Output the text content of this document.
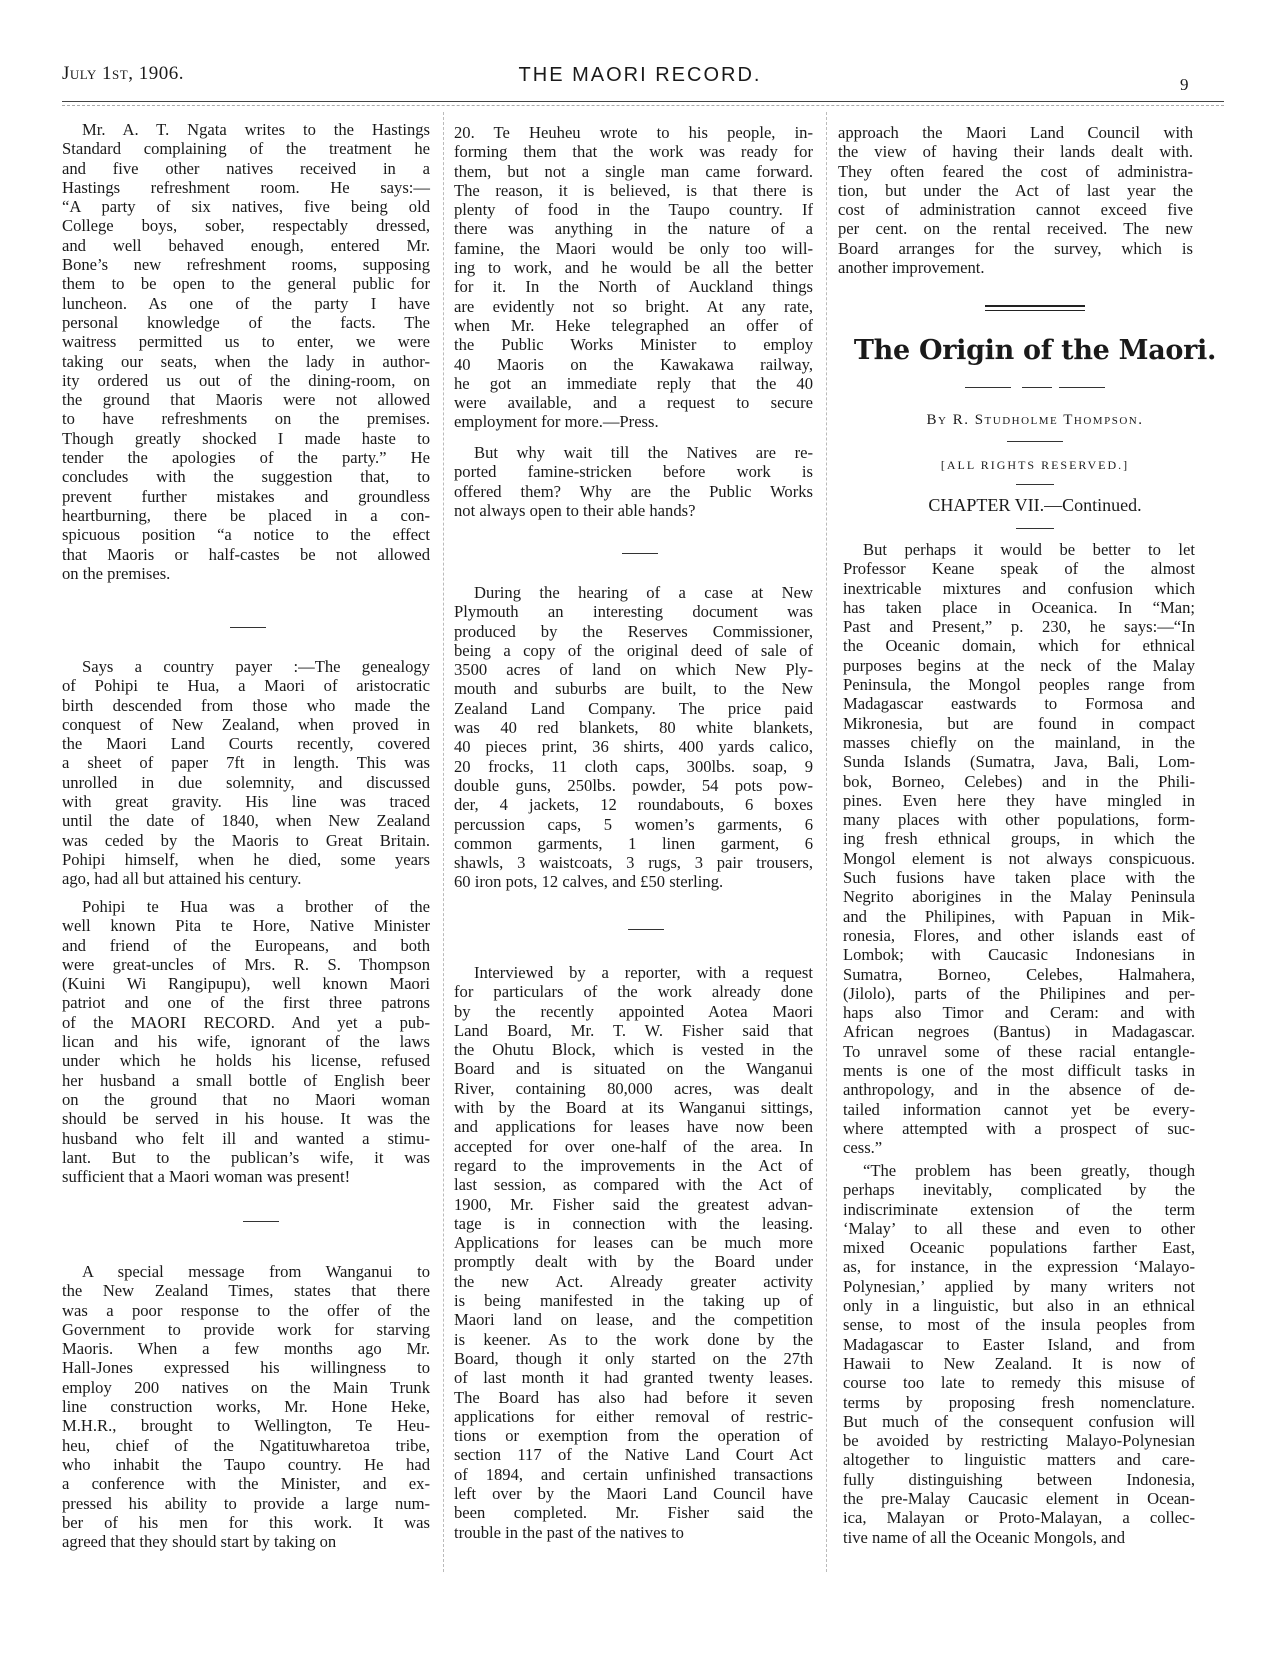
July 1st, 1906.	THE MAORI RECORD.	9
Mr. A. T. Ngata writes to the Hastings
Standard complaining of the treatment he
and five other natives received in a
Hastings refreshment room. He says:—
“A party of six natives, five being old
College boys, sober, respectably dressed,
and well behaved enough, entered Mr.
Bone’s new refreshment rooms, supposing
them to be open to the general public for
luncheon. As one of the party I have
personal knowledge of the facts. The
waitress permitted us to enter, we were
taking our seats, when the lady in author-
ity ordered us out of the dining-room, on
the ground that Maoris were not allowed
to have refreshments on the premises.
Though greatly shocked I made haste to
tender the apologies of the party.” He
concludes with the suggestion that, to
prevent further mistakes and groundless
heartburning, there be placed in a con-
spicuous position “a notice to the effect
that Maoris or half-castes be not allowed
on the premises.
Says a country payer :—The genealogy
of Pohipi te Hua, a Maori of aristocratic
birth descended from those who made the
conquest of New Zealand, when proved in
the Maori Land Courts recently, covered
a sheet of paper 7ft in length. This was
unrolled in due solemnity, and discussed
with great gravity. His line was traced
until the date of 1840, when New Zealand
was ceded by the Maoris to Great Britain.
Pohipi himself, when he died, some years
ago, had all but attained his century.
Pohipi te Hua was a brother of the
well known Pita te Hore, Native Minister
and friend of the Europeans, and both
were great-uncles of Mrs. R. S. Thompson
(Kuini Wi Rangipupu), well known Maori
patriot and one of the first three patrons
of the MAORI RECORD. And yet a pub-
lican and his wife, ignorant of the laws
under which he holds his license, refused
her husband a small bottle of English beer
on the ground that no Maori woman
should be served in his house. It was the
husband who felt ill and wanted a stimu-
lant. But to the publican’s wife, it was
sufficient that a Maori woman was present!
A special message from Wanganui to
the New Zealand Times, states that there
was a poor response to the offer of the
Government to provide work for starving
Maoris. When a few months ago Mr.
Hall-Jones expressed his willingness to
employ 200 natives on the Main Trunk
line construction works, Mr. Hone Heke,
M.H.R., brought to Wellington, Te Heu-
heu, chief of the Ngatituwharetoa tribe,
who inhabit the Taupo country. He had
a conference with the Minister, and ex-
pressed his ability to provide a large num-
ber of his men for this work. It was
agreed that they should start by taking on
20. Te Heuheu wrote to his people, in-
forming them that the work was ready for
them, but not a single man came forward.
The reason, it is believed, is that there is
plenty of food in the Taupo country. If
there was anything in the nature of a
famine, the Maori would be only too will-
ing to work, and he would be all the better
for it. In the North of Auckland things
are evidently not so bright. At any rate,
when Mr. Heke telegraphed an offer of
the Public Works Minister to employ
40 Maoris on the Kawakawa railway,
he got an immediate reply that the 40
were available, and a request to secure
employment for more.—Press.
But why wait till the Natives are re-
ported famine-stricken before work is
offered them? Why are the Public Works
not always open to their able hands?
During the hearing of a case at New
Plymouth an interesting document was
produced by the Reserves Commissioner,
being a copy of the original deed of sale of
3500 acres of land on which New Ply-
mouth and suburbs are built, to the New
Zealand Land Company. The price paid
was 40 red blankets, 80 white blankets,
40 pieces print, 36 shirts, 400 yards calico,
20 frocks, 11 cloth caps, 300lbs. soap, 9
double guns, 250lbs. powder, 54 pots pow-
der, 4 jackets, 12 roundabouts, 6 boxes
percussion caps, 5 women’s garments, 6
common garments, 1 linen garment, 6
shawls, 3 waistcoats, 3 rugs, 3 pair trousers,
60 iron pots, 12 calves, and £50 sterling.
Interviewed by a reporter, with a request
for particulars of the work already done
by the recently appointed Aotea Maori
Land Board, Mr. T. W. Fisher said that
the Ohutu Block, which is vested in the
Board and is situated on the Wanganui
River, containing 80,000 acres, was dealt
with by the Board at its Wanganui sittings,
and applications for leases have now been
accepted for over one-half of the area. In
regard to the improvements in the Act of
last session, as compared with the Act of
1900, Mr. Fisher said the greatest advan-
tage is in connection with the leasing.
Applications for leases can be much more
promptly dealt with by the Board under
the new Act. Already greater activity
is being manifested in the taking up of
Maori land on lease, and the competition
is keener. As to the work done by the
Board, though it only started on the 27th
of last month it had granted twenty leases.
The Board has also had before it seven
applications for either removal of restric-
tions or exemption from the operation of
section 117 of the Native Land Court Act
of 1894, and certain unfinished transactions
left over by the Maori Land Council have
been completed. Mr. Fisher said the
trouble in the past of the natives to
approach the Maori Land Council with
the view of having their lands dealt with.
They often feared the cost of administra-
tion, but under the Act of last year the
cost of administration cannot exceed five
per cent. on the rental received. The new
Board arranges for the survey, which is
another improvement.
The Origin of the Maori.
By R. Studholme Thompson.
[ALL RIGHTS RESERVED.]
CHAPTER VII.—Continued.
But perhaps it would be better to let
Professor Keane speak of the almost
inextricable mixtures and confusion which
has taken place in Oceanica. In “Man;
Past and Present,” p. 230, he says:—“In
the Oceanic domain, which for ethnical
purposes begins at the neck of the Malay
Peninsula, the Mongol peoples range from
Madagascar eastwards to Formosa and
Mikronesia, but are found in compact
masses chiefly on the mainland, in the
Sunda Islands (Sumatra, Java, Bali, Lom-
bok, Borneo, Celebes) and in the Phili-
pines. Even here they have mingled in
many places with other populations, form-
ing fresh ethnical groups, in which the
Mongol element is not always conspicuous.
Such fusions have taken place with the
Negrito aborigines in the Malay Peninsula
and the Philipines, with Papuan in Mik-
ronesia, Flores, and other islands east of
Lombok; with Caucasic Indonesians in
Sumatra, Borneo, Celebes, Halmahera,
(Jilolo), parts of the Philipines and per-
haps also Timor and Ceram: and with
African negroes (Bantus) in Madagascar.
To unravel some of these racial entangle-
ments is one of the most difficult tasks in
anthropology, and in the absence of de-
tailed information cannot yet be every-
where attempted with a prospect of suc-
cess.”
“The problem has been greatly, though
perhaps inevitably, complicated by the
indiscriminate extension of the term
‘Malay’ to all these and even to other
mixed Oceanic populations farther East,
as, for instance, in the expression ‘Malayo-
Polynesian,’ applied by many writers not
only in a linguistic, but also in an ethnical
sense, to most of the insula peoples from
Madagascar to Easter Island, and from
Hawaii to New Zealand. It is now of
course too late to remedy this misuse of
terms by proposing fresh nomenclature.
But much of the consequent confusion will
be avoided by restricting Malayo-Polynesian
altogether to linguistic matters and care-
fully distinguishing between Indonesia,
the pre-Malay Caucasic element in Ocean-
ica, Malayan or Proto-Malayan, a collec-
tive name of all the Oceanic Mongols, and
